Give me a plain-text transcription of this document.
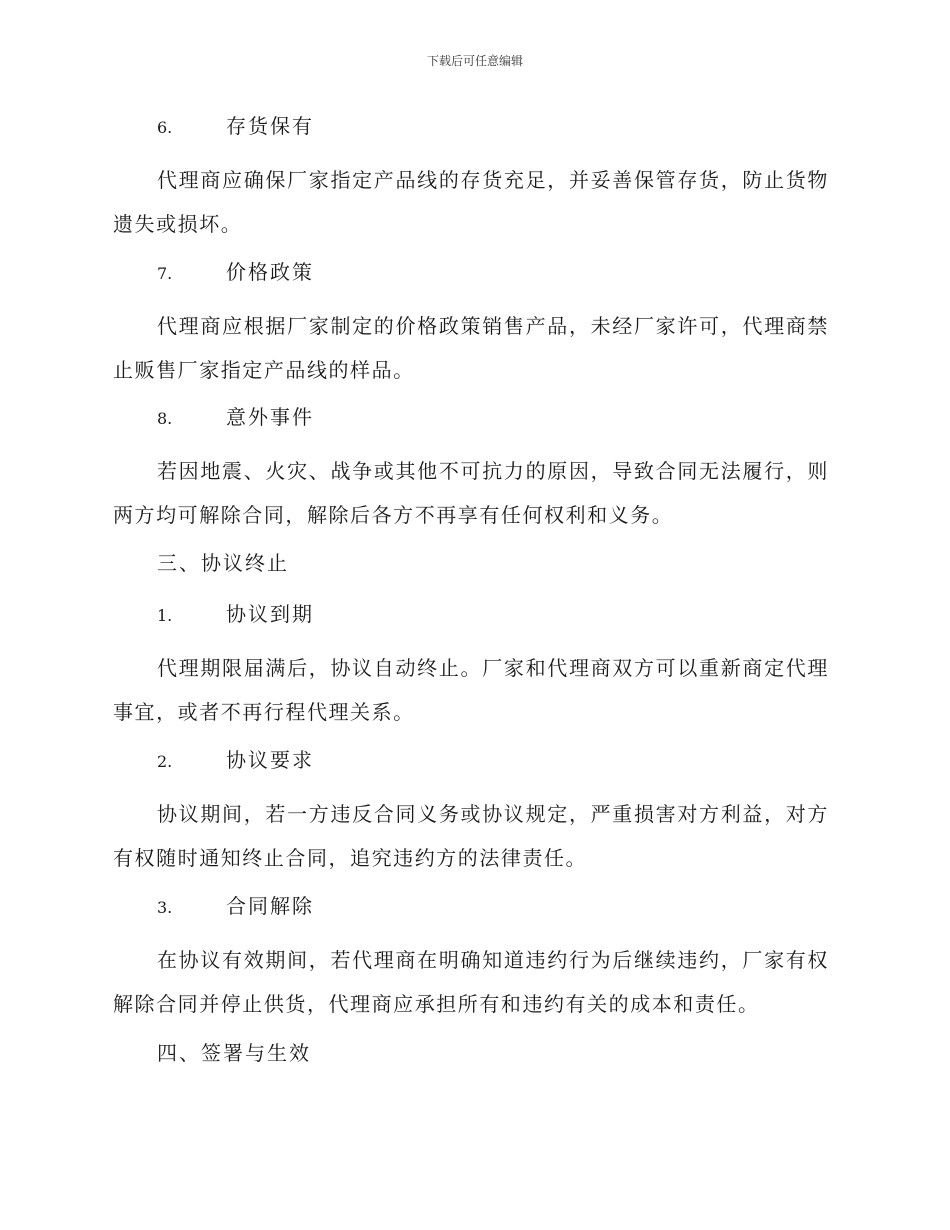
下载后可任意编辑
6.	存货保有

代理商应确保厂家指定产品线的存货充足，并妥善保管存货，防止货物遗失或损坏。

7.	价格政策

代理商应根据厂家制定的价格政策销售产品，未经厂家许可，代理商禁止贩售厂家指定产品线的样品。

8.	意外事件

若因地震、火灾、战争或其他不可抗力的原因，导致合同无法履行，则两方均可解除合同，解除后各方不再享有任何权利和义务。

三、协议终止
1.	协议到期

代理期限届满后，协议自动终止。厂家和代理商双方可以重新商定代理事宜，或者不再行程代理关系。

2.	协议要求

协议期间，若一方违反合同义务或协议规定，严重损害对方利益，对方有权随时通知终止合同，追究违约方的法律责任。

3.	合同解除

在协议有效期间，若代理商在明确知道违约行为后继续违约，厂家有权解除合同并停止供货，代理商应承担所有和违约有关的成本和责任。

四、签署与生效
